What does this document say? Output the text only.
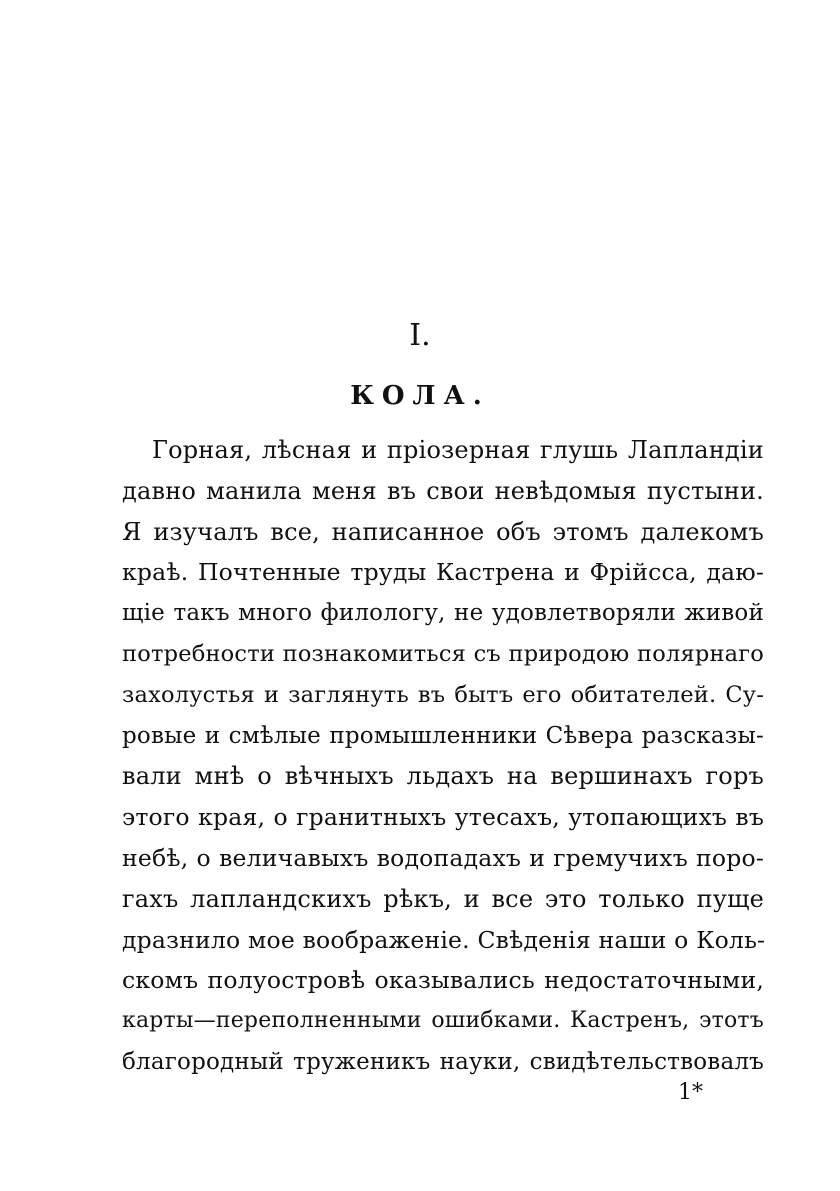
I.
КОЛА.
Горная, лѣсная и пріозерная глушь Лапландіи
давно манила меня въ свои невѣдомыя пустыни.
Я изучалъ все, написанное объ этомъ далекомъ
краѣ. Почтенные труды Кастрена и Фрійсса, даю-
щіе такъ много филологу, не удовлетворяли живой
потребности познакомиться съ природою полярнаго
захолустья и заглянуть въ бытъ его обитателей. Су-
ровые и смѣлые промышленники Сѣвера разсказы-
вали мнѣ о вѣчныхъ льдахъ на вершинахъ горъ
этого края, о гранитныхъ утесахъ, утопающихъ въ
небѣ, о величавыхъ водопадахъ и гремучихъ поро-
гахъ лапландскихъ рѣкъ, и все это только пуще
дразнило мое воображеніе. Свѣденія наши о Коль-
скомъ полуостровѣ оказывались недостаточными,
карты—переполненными ошибками. Кастренъ, этотъ
благородный труженикъ науки, свидѣтельствовалъ
1*
